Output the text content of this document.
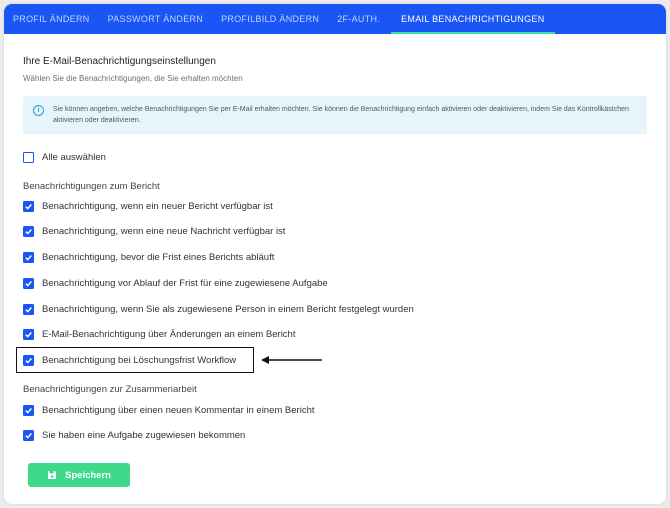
PROFIL ÄNDERN	PASSWORT ÄNDERN	PROFILBILD ÄNDERN	2F-AUTH.	EMAIL BENACHRICHTIGUNGEN
Ihre E-Mail-Benachrichtigungseinstellungen
Wählen Sie die Benachrichtigungen, die Sie erhalten möchten
i	Sie können angeben, welche Benachrichtigungen Sie per E-Mail erhalten möchten. Sie können die Benachrichtigung einfach aktivieren oder deaktivieren, indem Sie das Kontrollkästchen aktivieren oder deaktivieren.
Alle auswählen
Benachrichtigungen zum Bericht
Benachrichtigung, wenn ein neuer Bericht verfügbar ist
Benachrichtigung, wenn eine neue Nachricht verfügbar ist
Benachrichtigung, bevor die Frist eines Berichts abläuft
Benachrichtigung vor Ablauf der Frist für eine zugewiesene Aufgabe
Benachrichtigung, wenn Sie als zugewiesene Person in einem Bericht festgelegt wurden
E-Mail-Benachrichtigung über Änderungen an einem Bericht
Benachrichtigung bei Löschungsfrist Workflow
Benachrichtigungen zur Zusammenarbeit
Benachrichtigung über einen neuen Kommentar in einem Bericht
Sie haben eine Aufgabe zugewiesen bekommen
Speichern
